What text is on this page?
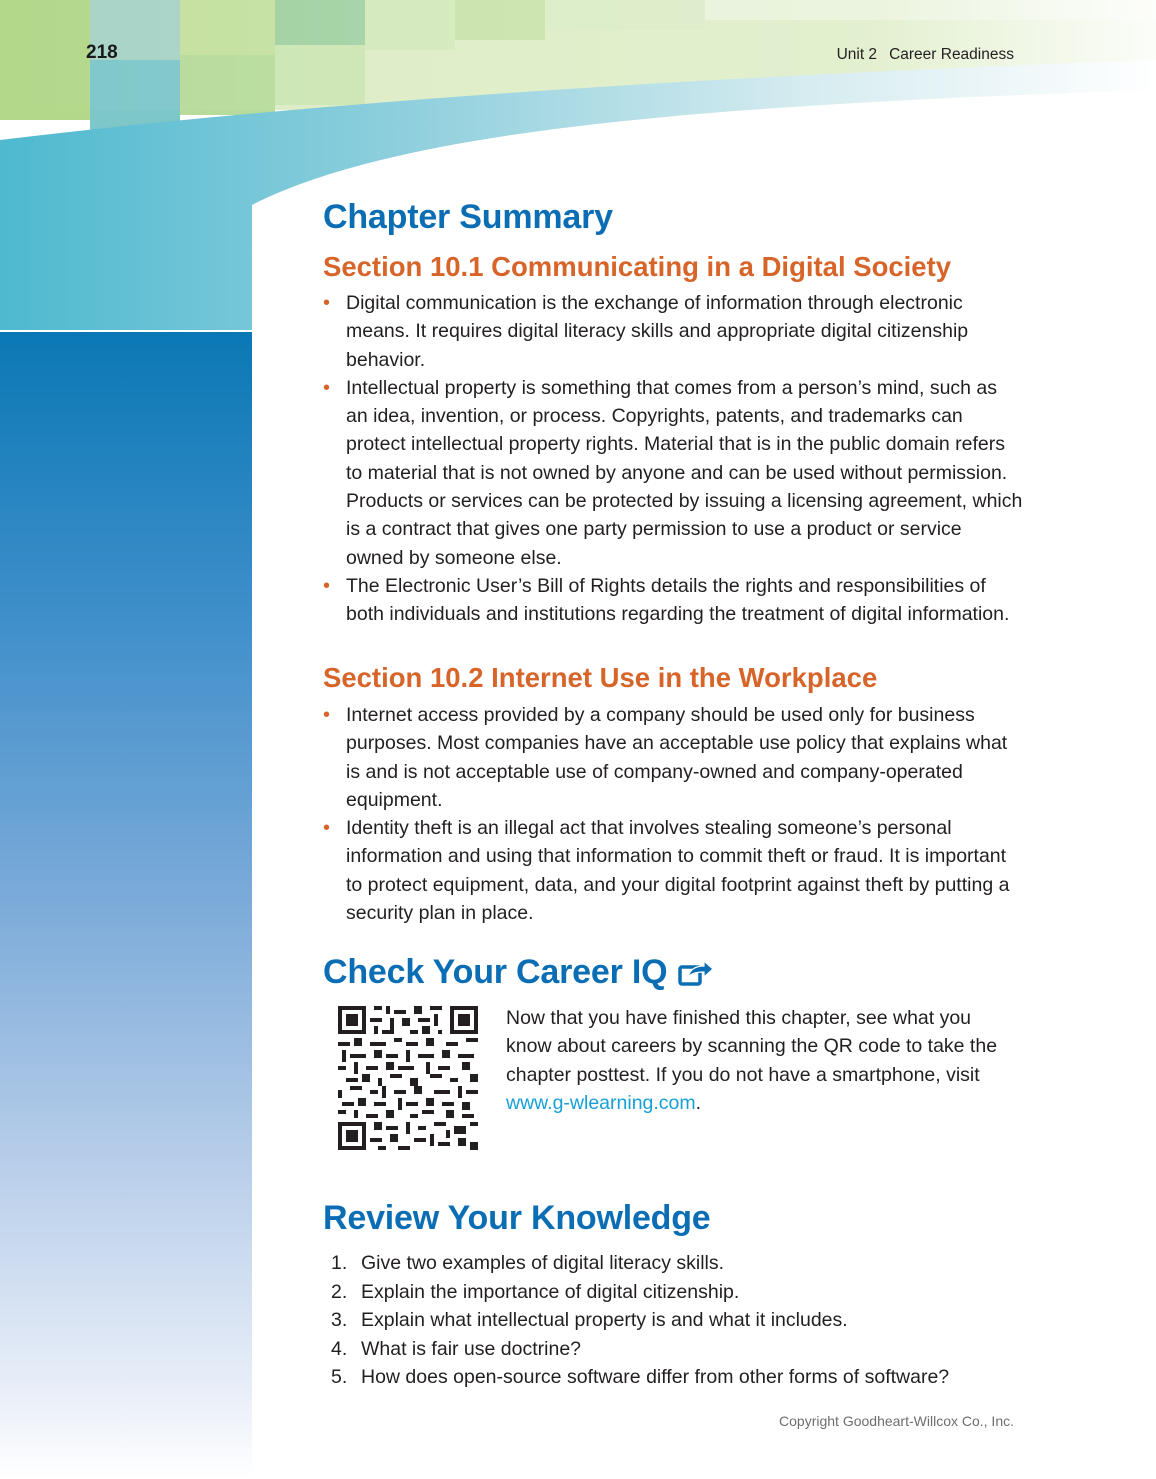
218	Unit 2 Career Readiness
Chapter Summary
Section 10.1 Communicating in a Digital Society
• Digital communication is the exchange of information through electronic means. It requires digital literacy skills and appropriate digital citizenship behavior.
• Intellectual property is something that comes from a person’s mind, such as an idea, invention, or process. Copyrights, patents, and trademarks can protect intellectual property rights. Material that is in the public domain refers to material that is not owned by anyone and can be used without permission. Products or services can be protected by issuing a licensing agreement, which is a contract that gives one party permission to use a product or service owned by someone else.
• The Electronic User’s Bill of Rights details the rights and responsibilities of both individuals and institutions regarding the treatment of digital information.
Section 10.2 Internet Use in the Workplace
• Internet access provided by a company should be used only for business purposes. Most companies have an acceptable use policy that explains what is and is not acceptable use of company-owned and company-operated equipment.
• Identity theft is an illegal act that involves stealing someone’s personal information and using that information to commit theft or fraud. It is important to protect equipment, data, and your digital footprint against theft by putting a security plan in place.
Check Your Career IQ

Now that you have finished this chapter, see what you know about careers by scanning the QR code to take the chapter posttest. If you do not have a smartphone, visit www.g-wlearning.com.

Review Your Knowledge
1. Give two examples of digital literacy skills.
2. Explain the importance of digital citizenship.
3. Explain what intellectual property is and what it includes.
4. What is fair use doctrine?
5. How does open-source software differ from other forms of software?
Copyright Goodheart-Willcox Co., Inc.
